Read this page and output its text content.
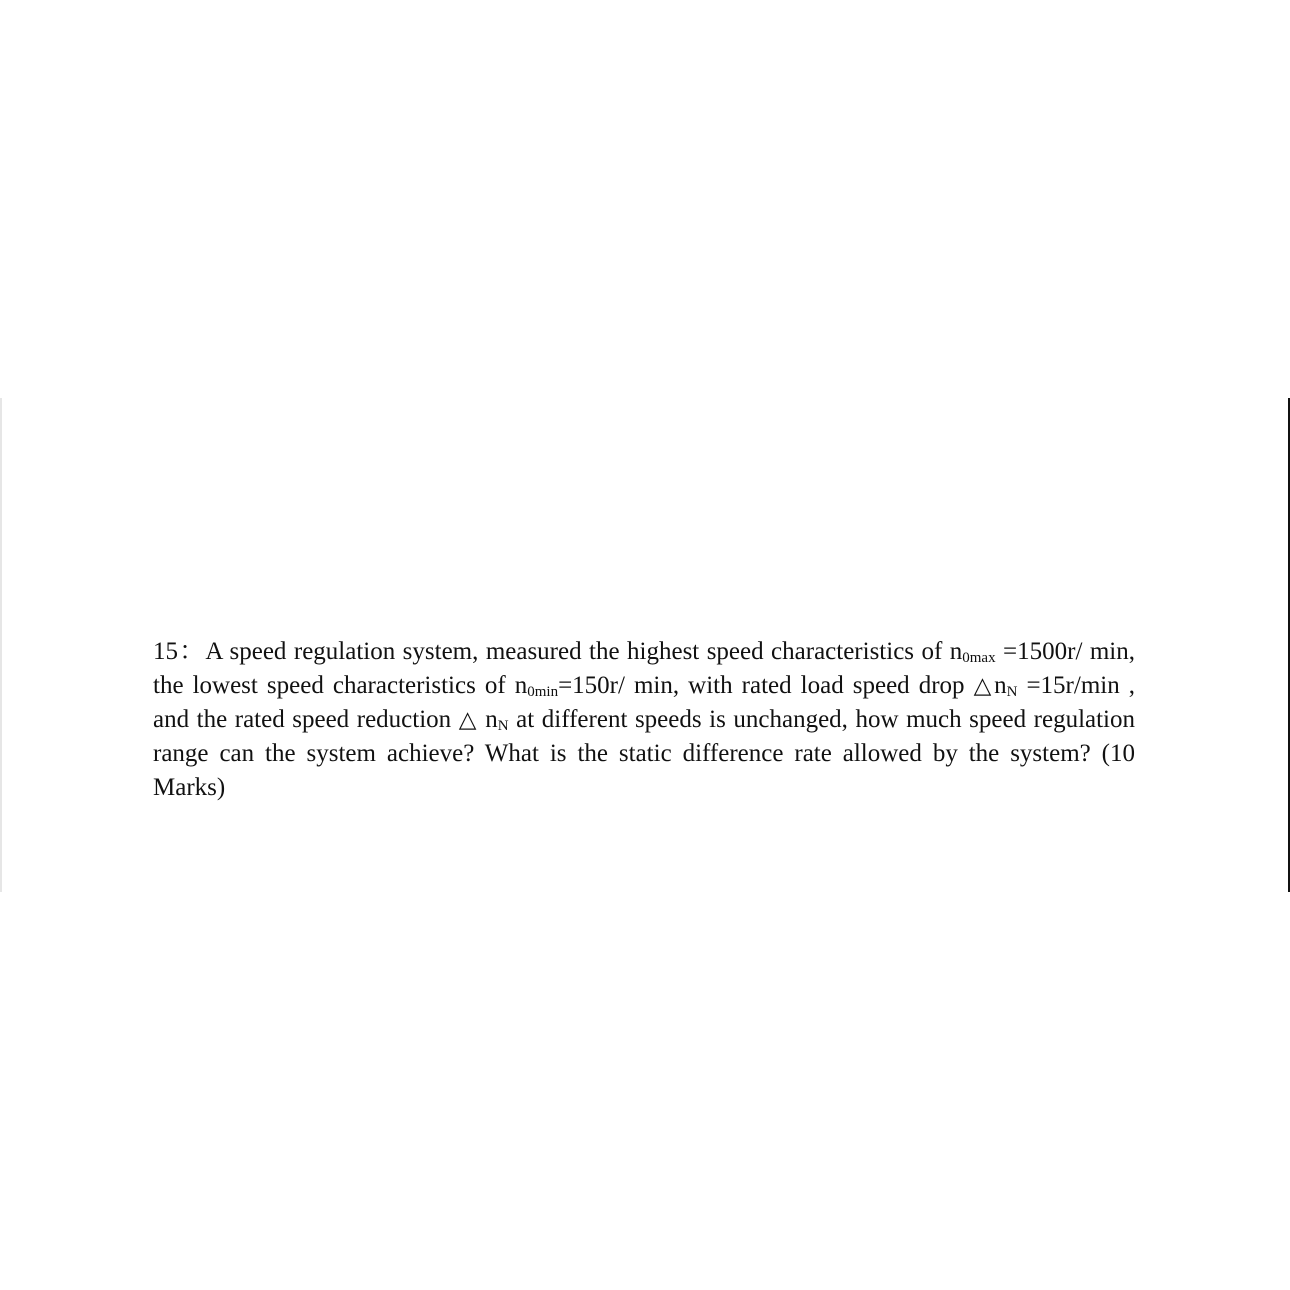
15：A speed regulation system, measured the highest speed characteristics of $n_{0max} =1500r/$ min, the lowest speed characteristics of $n_{0min}=150r/$ min, with rated load speed drop $\triangle n_N =15r/\min$ , and the rated speed reduction △ $n_N$ at different speeds is unchanged, how much speed regulation range can the system achieve? What is the static difference rate allowed by the system? (10 Marks)
